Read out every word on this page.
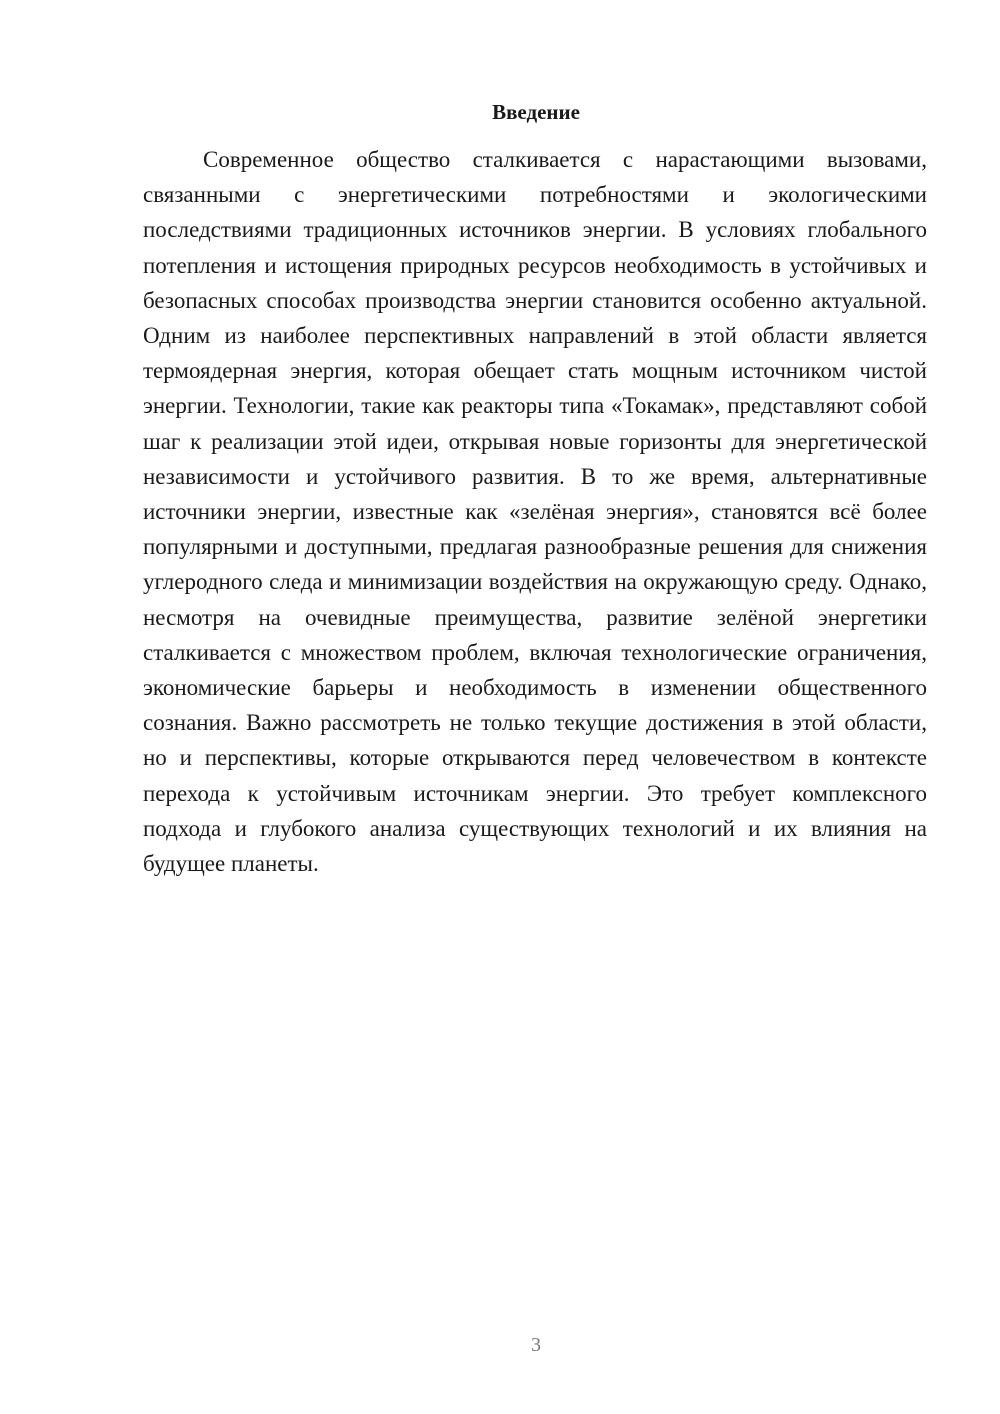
Введение

Современное общество сталкивается с нарастающими вызовами, связанными с энергетическими потребностями и экологическими последствиями традиционных источников энергии. В условиях глобального потепления и истощения природных ресурсов необходимость в устойчивых и безопасных способах производства энергии становится особенно актуальной. Одним из наиболее перспективных направлений в этой области является термоядерная энергия, которая обещает стать мощным источником чистой энергии. Технологии, такие как реакторы типа «Токамак», представляют собой шаг к реализации этой идеи, открывая новые горизонты для энергетической независимости и устойчивого развития. В то же время, альтернативные источники энергии, известные как «зелёная энергия», становятся всё более популярными и доступными, предлагая разнообразные решения для снижения углеродного следа и минимизации воздействия на окружающую среду. Однако, несмотря на очевидные преимущества, развитие зелёной энергетики сталкивается с множеством проблем, включая технологические ограничения, экономические барьеры и необходимость в изменении общественного сознания. Важно рассмотреть не только текущие достижения в этой области, но и перспективы, которые открываются перед человечеством в контексте перехода к устойчивым источникам энергии. Это требует комплексного подхода и глубокого анализа существующих технологий и их влияния на будущее планеты.

3
